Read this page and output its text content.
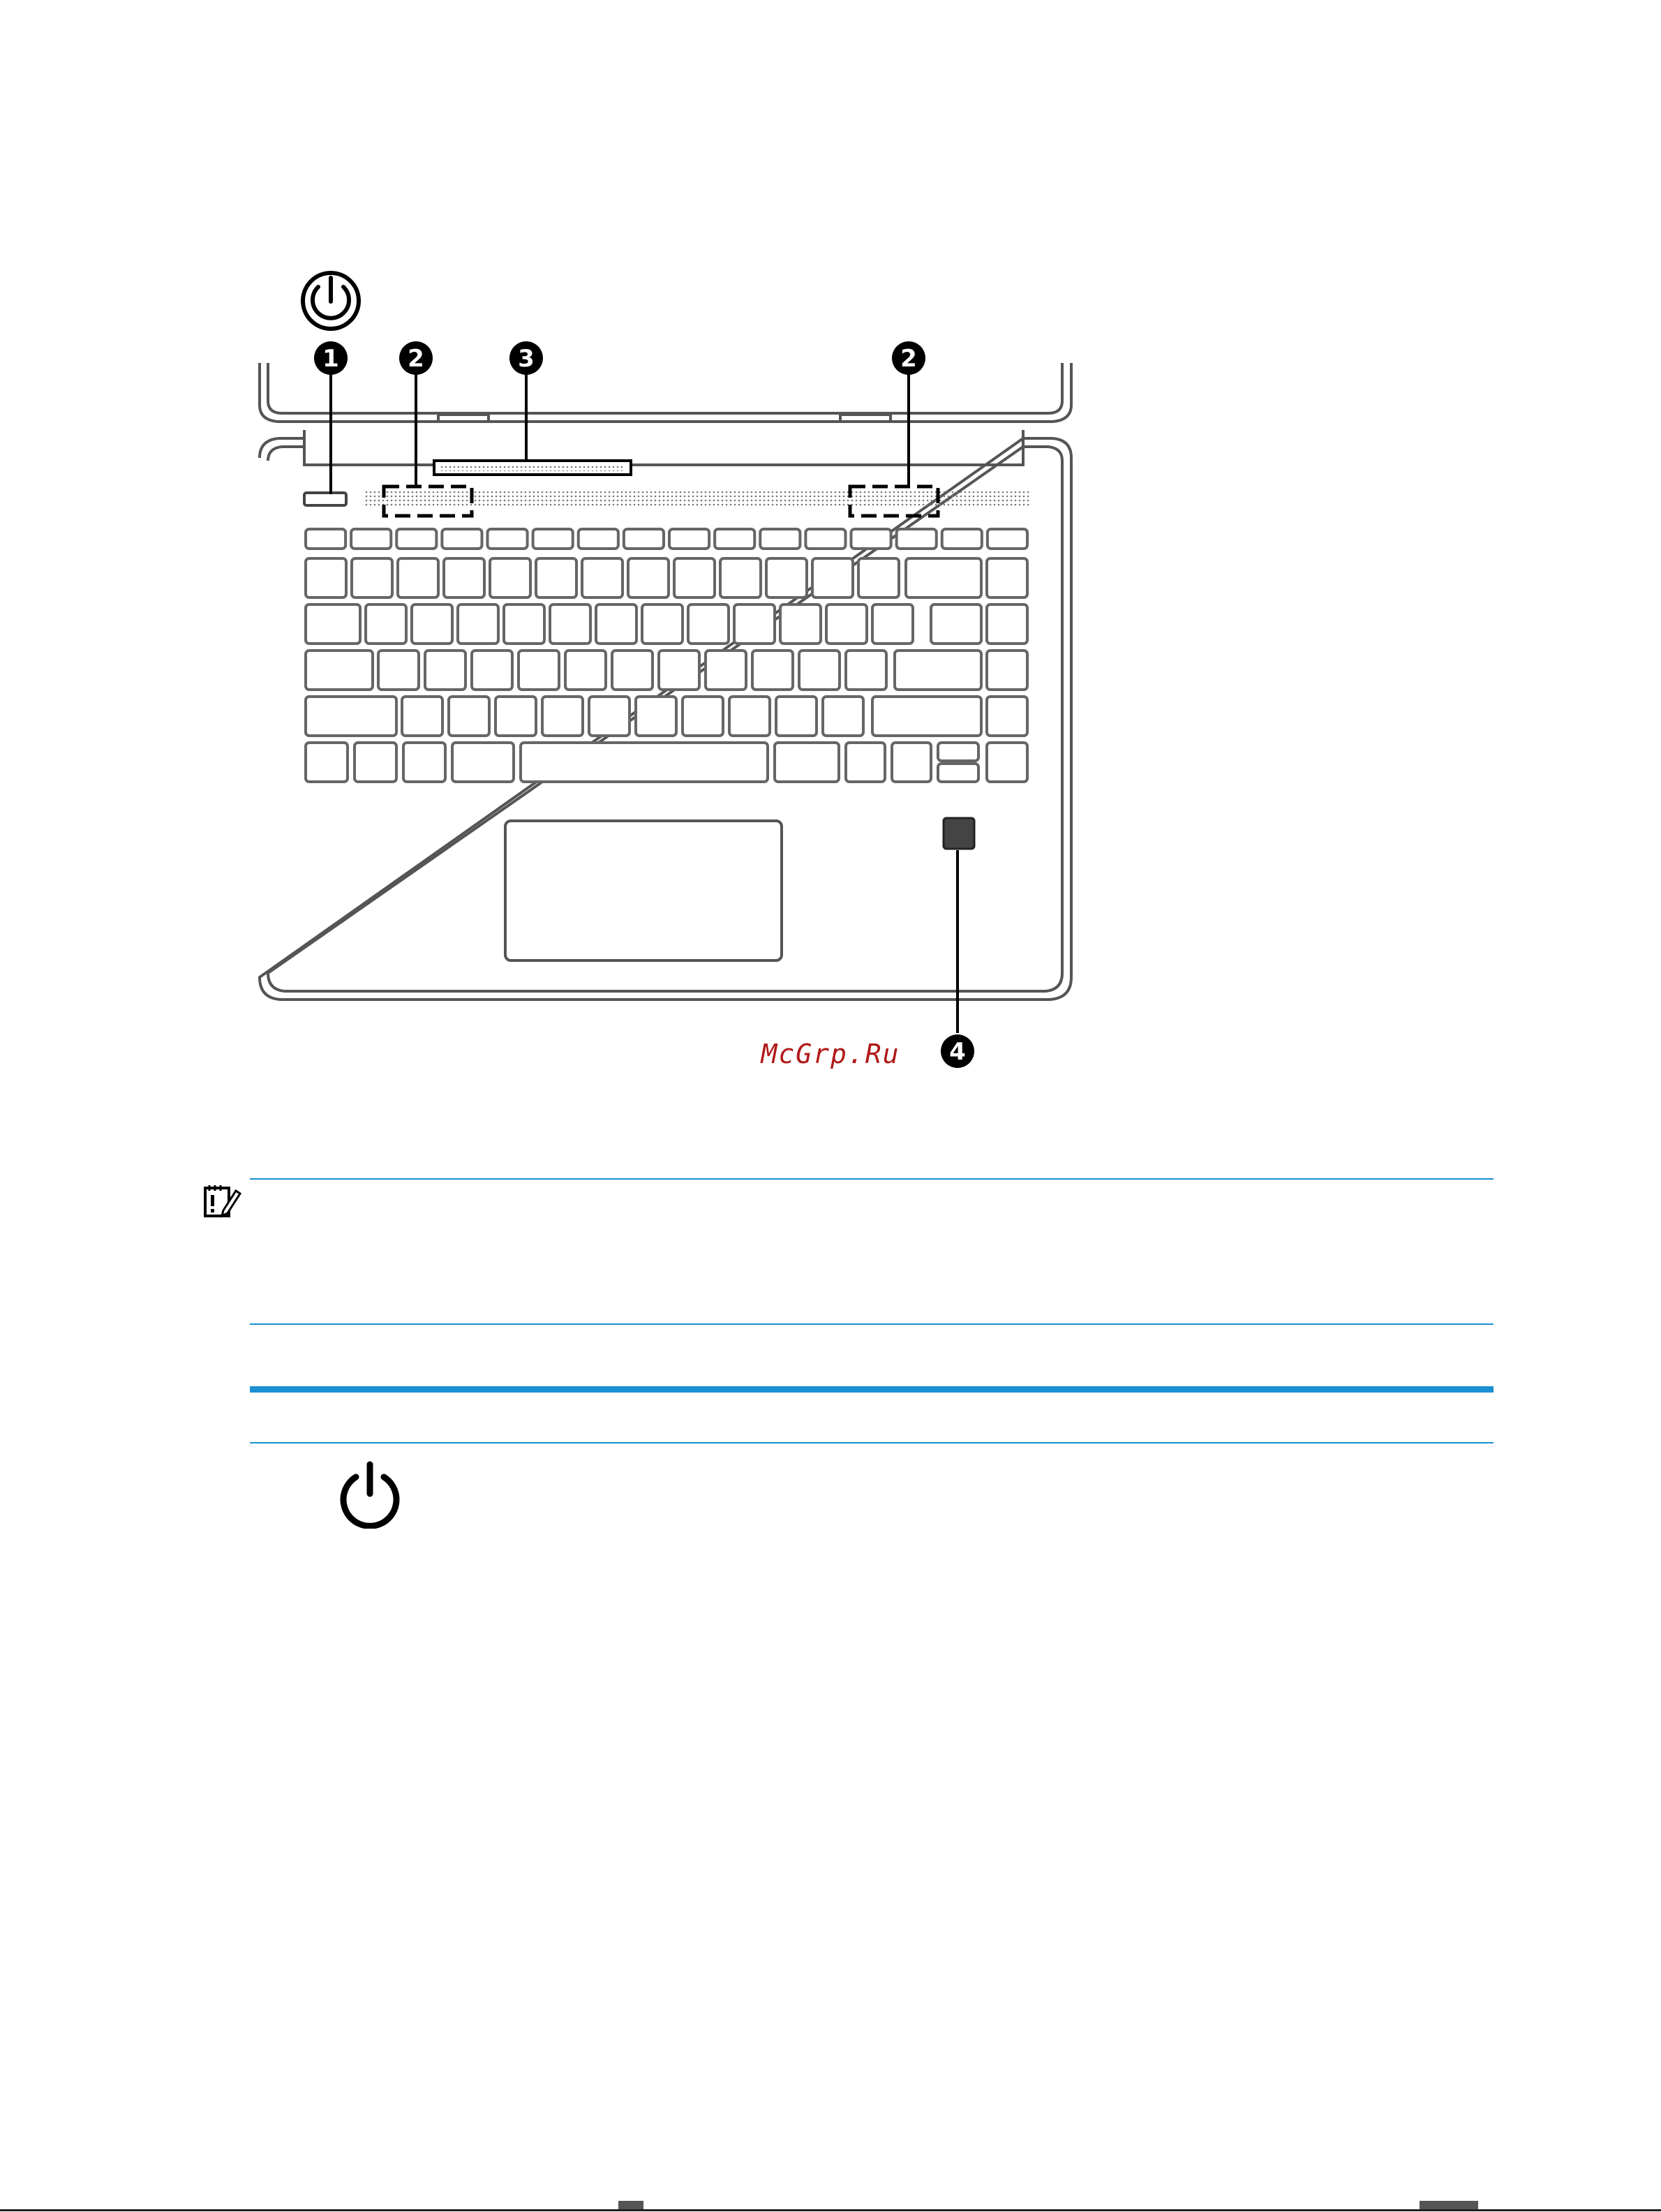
1	2	3	2
4
McGrp.Ru
